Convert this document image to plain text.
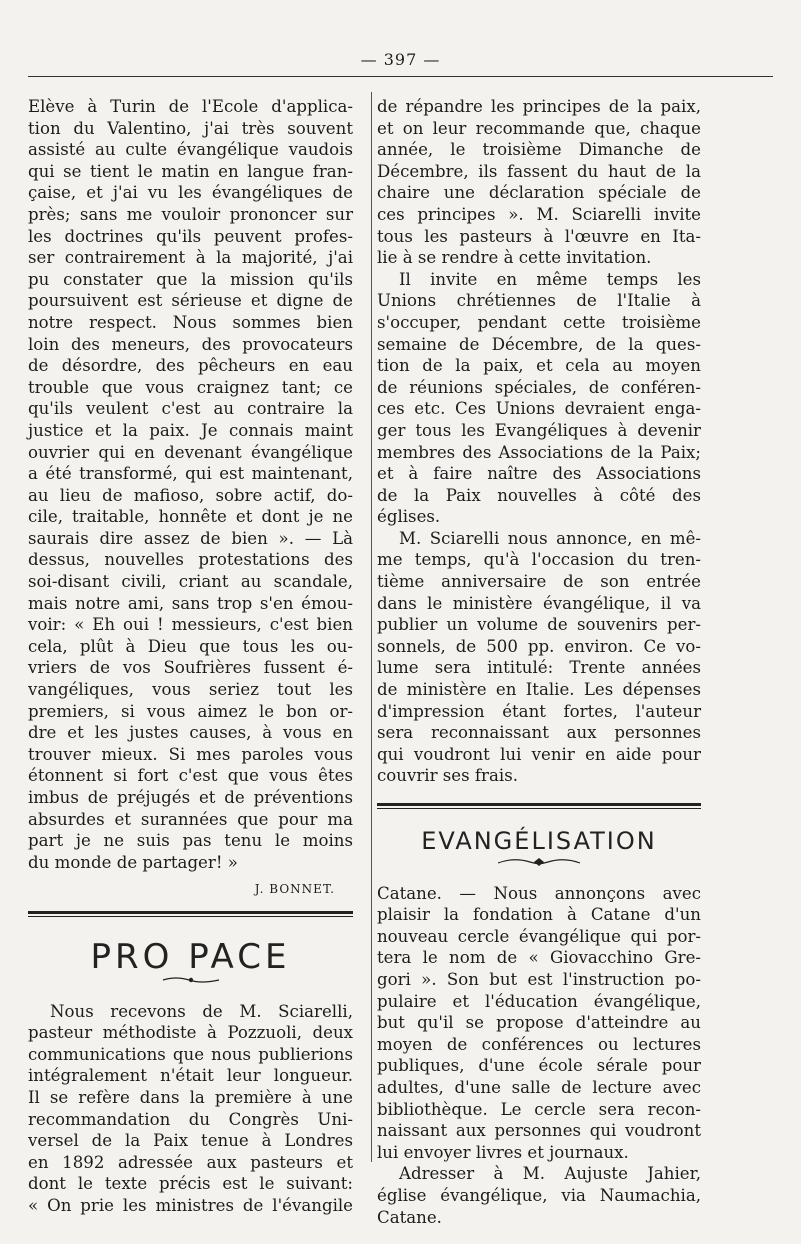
— 397 —
Elève à Turin de l'Ecole d'applica-
tion du Valentino, j'ai très souvent
assisté au culte évangélique vaudois
qui se tient le matin en langue fran-
çaise, et j'ai vu les évangéliques de
près; sans me vouloir prononcer sur
les doctrines qu'ils peuvent profes-
ser contrairement à la majorité, j'ai
pu constater que la mission qu'ils
poursuivent est sérieuse et digne de
notre respect. Nous sommes bien
loin des meneurs, des provocateurs
de désordre, des pêcheurs en eau
trouble que vous craignez tant; ce
qu'ils veulent c'est au contraire la
justice et la paix. Je connais maint
ouvrier qui en devenant évangélique
a été transformé, qui est maintenant,
au lieu de mafioso, sobre actif, do-
cile, traitable, honnête et dont je ne
saurais dire assez de bien ». — Là
dessus, nouvelles protestations des
soi-disant civili, criant au scandale,
mais notre ami, sans trop s'en émou-
voir: « Eh oui ! messieurs, c'est bien
cela, plût à Dieu que tous les ou-
vriers de vos Soufrières fussent é-
vangéliques, vous seriez tout les
premiers, si vous aimez le bon or-
dre et les justes causes, à vous en
trouver mieux. Si mes paroles vous
étonnent si fort c'est que vous êtes
imbus de préjugés et de préventions
absurdes et surannées que pour ma
part je ne suis pas tenu le moins
du monde de partager! »
J. BONNET.
PRO PACE
Nous recevons de M. Sciarelli,
pasteur méthodiste à Pozzuoli, deux
communications que nous publierions
intégralement n'était leur longueur.
Il se refère dans la première à une
recommandation du Congrès Uni-
versel de la Paix tenue à Londres
en 1892 adressée aux pasteurs et
dont le texte précis est le suivant:
« On prie les ministres de l'évangile
de répandre les principes de la paix,
et on leur recommande que, chaque
année, le troisième Dimanche de
Décembre, ils fassent du haut de la
chaire une déclaration spéciale de
ces principes ». M. Sciarelli invite
tous les pasteurs à l'œuvre en Ita-
lie à se rendre à cette invitation.
Il invite en même temps les
Unions chrétiennes de l'Italie à
s'occuper, pendant cette troisième
semaine de Décembre, de la ques-
tion de la paix, et cela au moyen
de réunions spéciales, de conféren-
ces etc. Ces Unions devraient enga-
ger tous les Evangéliques à devenir
membres des Associations de la Paix;
et à faire naître des Associations
de la Paix nouvelles à côté des
églises.
M. Sciarelli nous annonce, en mê-
me temps, qu'à l'occasion du tren-
tième anniversaire de son entrée
dans le ministère évangélique, il va
publier un volume de souvenirs per-
sonnels, de 500 pp. environ. Ce vo-
lume sera intitulé: Trente années
de ministère en Italie. Les dépenses
d'impression étant fortes, l'auteur
sera reconnaissant aux personnes
qui voudront lui venir en aide pour
couvrir ses frais.
EVANGÉLISATION
Catane. — Nous annonçons avec
plaisir la fondation à Catane d'un
nouveau cercle évangélique qui por-
tera le nom de « Giovacchino Gre-
gori ». Son but est l'instruction po-
pulaire et l'éducation évangélique,
but qu'il se propose d'atteindre au
moyen de conférences ou lectures
publiques, d'une école sérale pour
adultes, d'une salle de lecture avec
bibliothèque. Le cercle sera recon-
naissant aux personnes qui voudront
lui envoyer livres et journaux.
Adresser à M. Aujuste Jahier,
église évangélique, via Naumachia,
Catane.
